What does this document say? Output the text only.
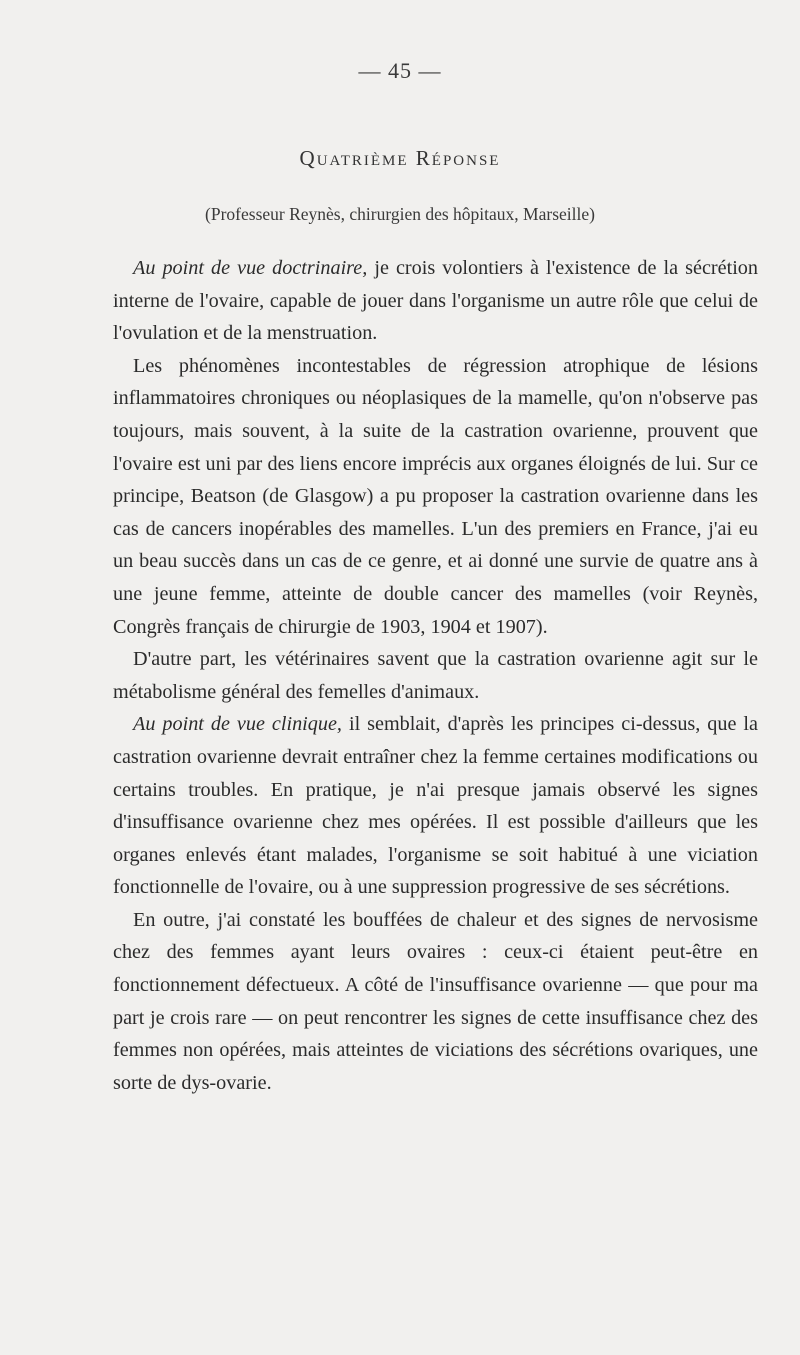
— 45 —
Quatrième Réponse
(Professeur Reynès, chirurgien des hôpitaux, Marseille)

Au point de vue doctrinaire, je crois volontiers à l'existence de la sécrétion interne de l'ovaire, capable de jouer dans l'organisme un autre rôle que celui de l'ovulation et de la menstruation.

Les phénomènes incontestables de régression atrophique de lésions inflammatoires chroniques ou néoplasiques de la mamelle, qu'on n'observe pas toujours, mais souvent, à la suite de la castration ovarienne, prouvent que l'ovaire est uni par des liens encore imprécis aux organes éloignés de lui. Sur ce principe, Beatson (de Glasgow) a pu proposer la castration ovarienne dans les cas de cancers inopérables des mamelles. L'un des premiers en France, j'ai eu un beau succès dans un cas de ce genre, et ai donné une survie de quatre ans à une jeune femme, atteinte de double cancer des mamelles (voir Reynès, Congrès français de chirurgie de 1903, 1904 et 1907).

D'autre part, les vétérinaires savent que la castration ovarienne agit sur le métabolisme général des femelles d'animaux.

Au point de vue clinique, il semblait, d'après les principes ci-dessus, que la castration ovarienne devrait entraîner chez la femme certaines modifications ou certains troubles. En pratique, je n'ai presque jamais observé les signes d'insuffisance ovarienne chez mes opérées. Il est possible d'ailleurs que les organes enlevés étant malades, l'organisme se soit habitué à une viciation fonctionnelle de l'ovaire, ou à une suppression progressive de ses sécrétions.

En outre, j'ai constaté les bouffées de chaleur et des signes de nervosisme chez des femmes ayant leurs ovaires : ceux-ci étaient peut-être en fonctionnement défectueux. A côté de l'insuffisance ovarienne — que pour ma part je crois rare — on peut rencontrer les signes de cette insuffisance chez des femmes non opérées, mais atteintes de viciations des sécrétions ovariques, une sorte de dys-ovarie.
